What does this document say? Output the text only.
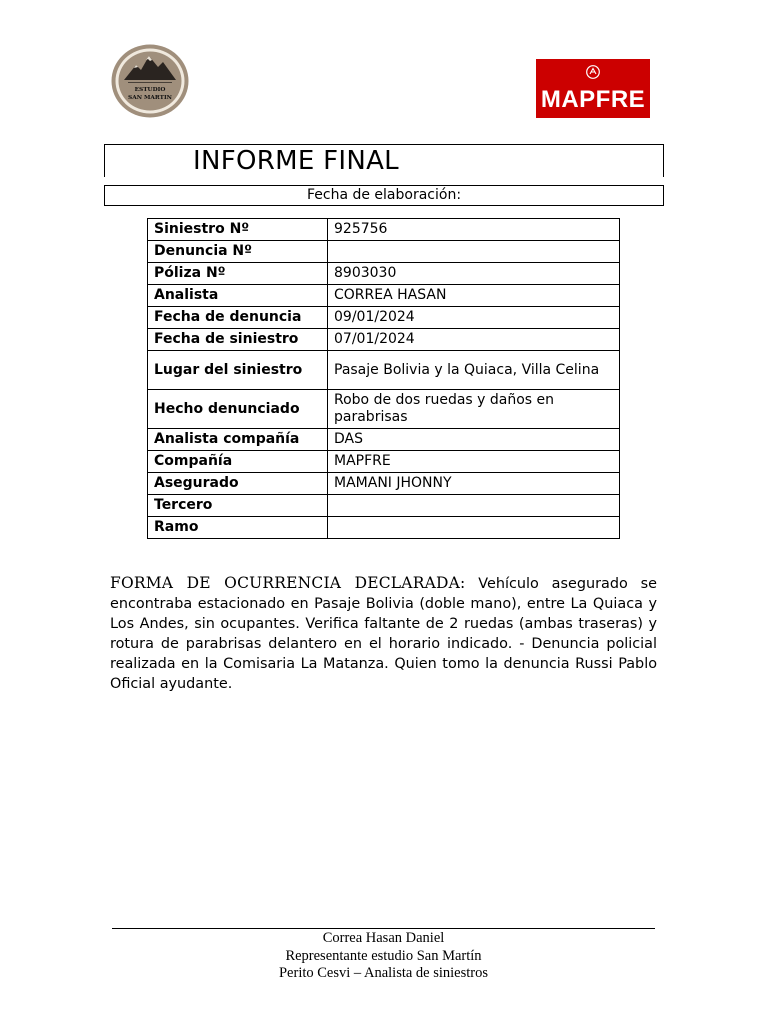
ESTUDIO
SAN MARTIN	MAPFRE
INFORME FINAL
Fecha de elaboración:
Siniestro Nº	925756
Denuncia Nº	
Póliza Nº	8903030
Analista	CORREA HASAN
Fecha de denuncia	09/01/2024
Fecha de siniestro	07/01/2024
Lugar del siniestro	Pasaje Bolivia y la Quiaca, Villa Celina
Hecho denunciado	Robo de dos ruedas y daños en parabrisas
Analista compañía	DAS
Compañía	MAPFRE
Asegurado	MAMANI JHONNY
Tercero	
Ramo	
FORMA DE OCURRENCIA DECLARADA: Vehículo asegurado se encontraba estacionado en Pasaje Bolivia (doble mano), entre La Quiaca y Los Andes, sin ocupantes. Verifica faltante de 2 ruedas (ambas traseras) y rotura de parabrisas delantero en el horario indicado. - Denuncia policial realizada en la Comisaria La Matanza. Quien tomo la denuncia Russi Pablo Oficial ayudante.
Correa Hasan Daniel
Representante estudio San Martín
Perito Cesvi – Analista de siniestros
